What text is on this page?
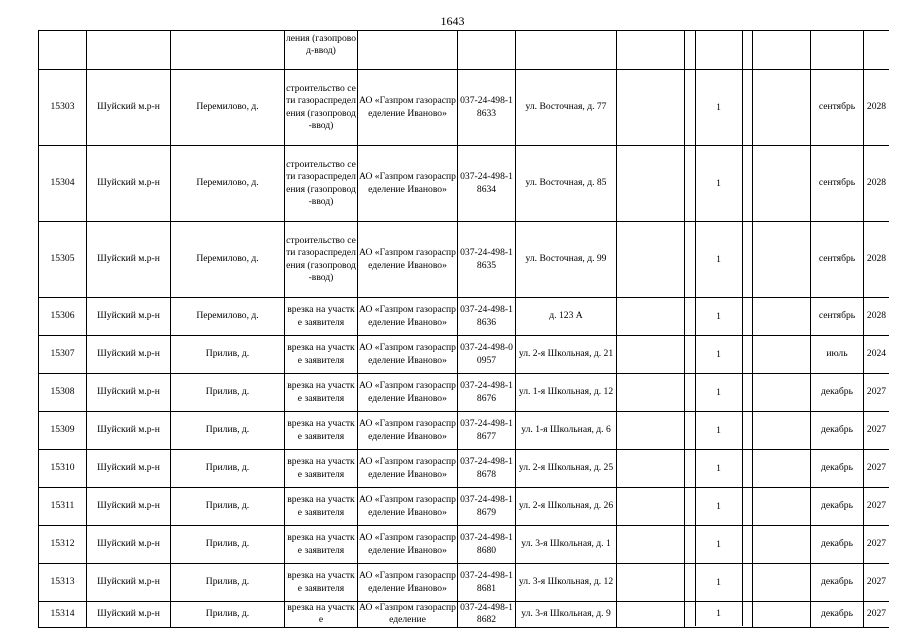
1643
			ления (газопровод-ввод)					

15303	Шуйский м.р-н	Перемилово, д.	строительство сети газораспределения (газопровод-ввод)	АО «Газпром газораспределение Иваново»	037-24-498-18633	ул. Восточная, д. 77		1		сентябрь	2028
15304	Шуйский м.р-н	Перемилово, д.	строительство сети газораспределения (газопровод-ввод)	АО «Газпром газораспределение Иваново»	037-24-498-18634	ул. Восточная, д. 85		1		сентябрь	2028
15305	Шуйский м.р-н	Перемилово, д.	строительство сети газораспределения (газопровод-ввод)	АО «Газпром газораспределение Иваново»	037-24-498-18635	ул. Восточная, д. 99		1		сентябрь	2028
15306	Шуйский м.р-н	Перемилово, д.	врезка на участке заявителя	АО «Газпром газораспределение Иваново»	037-24-498-18636	д. 123 А		1		сентябрь	2028
15307	Шуйский м.р-н	Прилив, д.	врезка на участке заявителя	АО «Газпром газораспределение Иваново»	037-24-498-00957	ул. 2-я Школьная, д. 21		1		июль	2024
15308	Шуйский м.р-н	Прилив, д.	врезка на участке заявителя	АО «Газпром газораспределение Иваново»	037-24-498-18676	ул. 1-я Школьная, д. 12		1		декабрь	2027
15309	Шуйский м.р-н	Прилив, д.	врезка на участке заявителя	АО «Газпром газораспределение Иваново»	037-24-498-18677	ул. 1-я Школьная, д. 6		1		декабрь	2027
15310	Шуйский м.р-н	Прилив, д.	врезка на участке заявителя	АО «Газпром газораспределение Иваново»	037-24-498-18678	ул. 2-я Школьная, д. 25		1		декабрь	2027
15311	Шуйский м.р-н	Прилив, д.	врезка на участке заявителя	АО «Газпром газораспределение Иваново»	037-24-498-18679	ул. 2-я Школьная, д. 26		1		декабрь	2027
15312	Шуйский м.р-н	Прилив, д.	врезка на участке заявителя	АО «Газпром газораспределение Иваново»	037-24-498-18680	ул. 3-я Школьная, д. 1		1		декабрь	2027
15313	Шуйский м.р-н	Прилив, д.	врезка на участке заявителя	АО «Газпром газораспределение Иваново»	037-24-498-18681	ул. 3-я Школьная, д. 12		1		декабрь	2027
15314	Шуйский м.р-н	Прилив, д.	врезка на участке	АО «Газпром газораспределение	037-24-498-18682	ул. 3-я Школьная, д. 9		1		декабрь	2027
